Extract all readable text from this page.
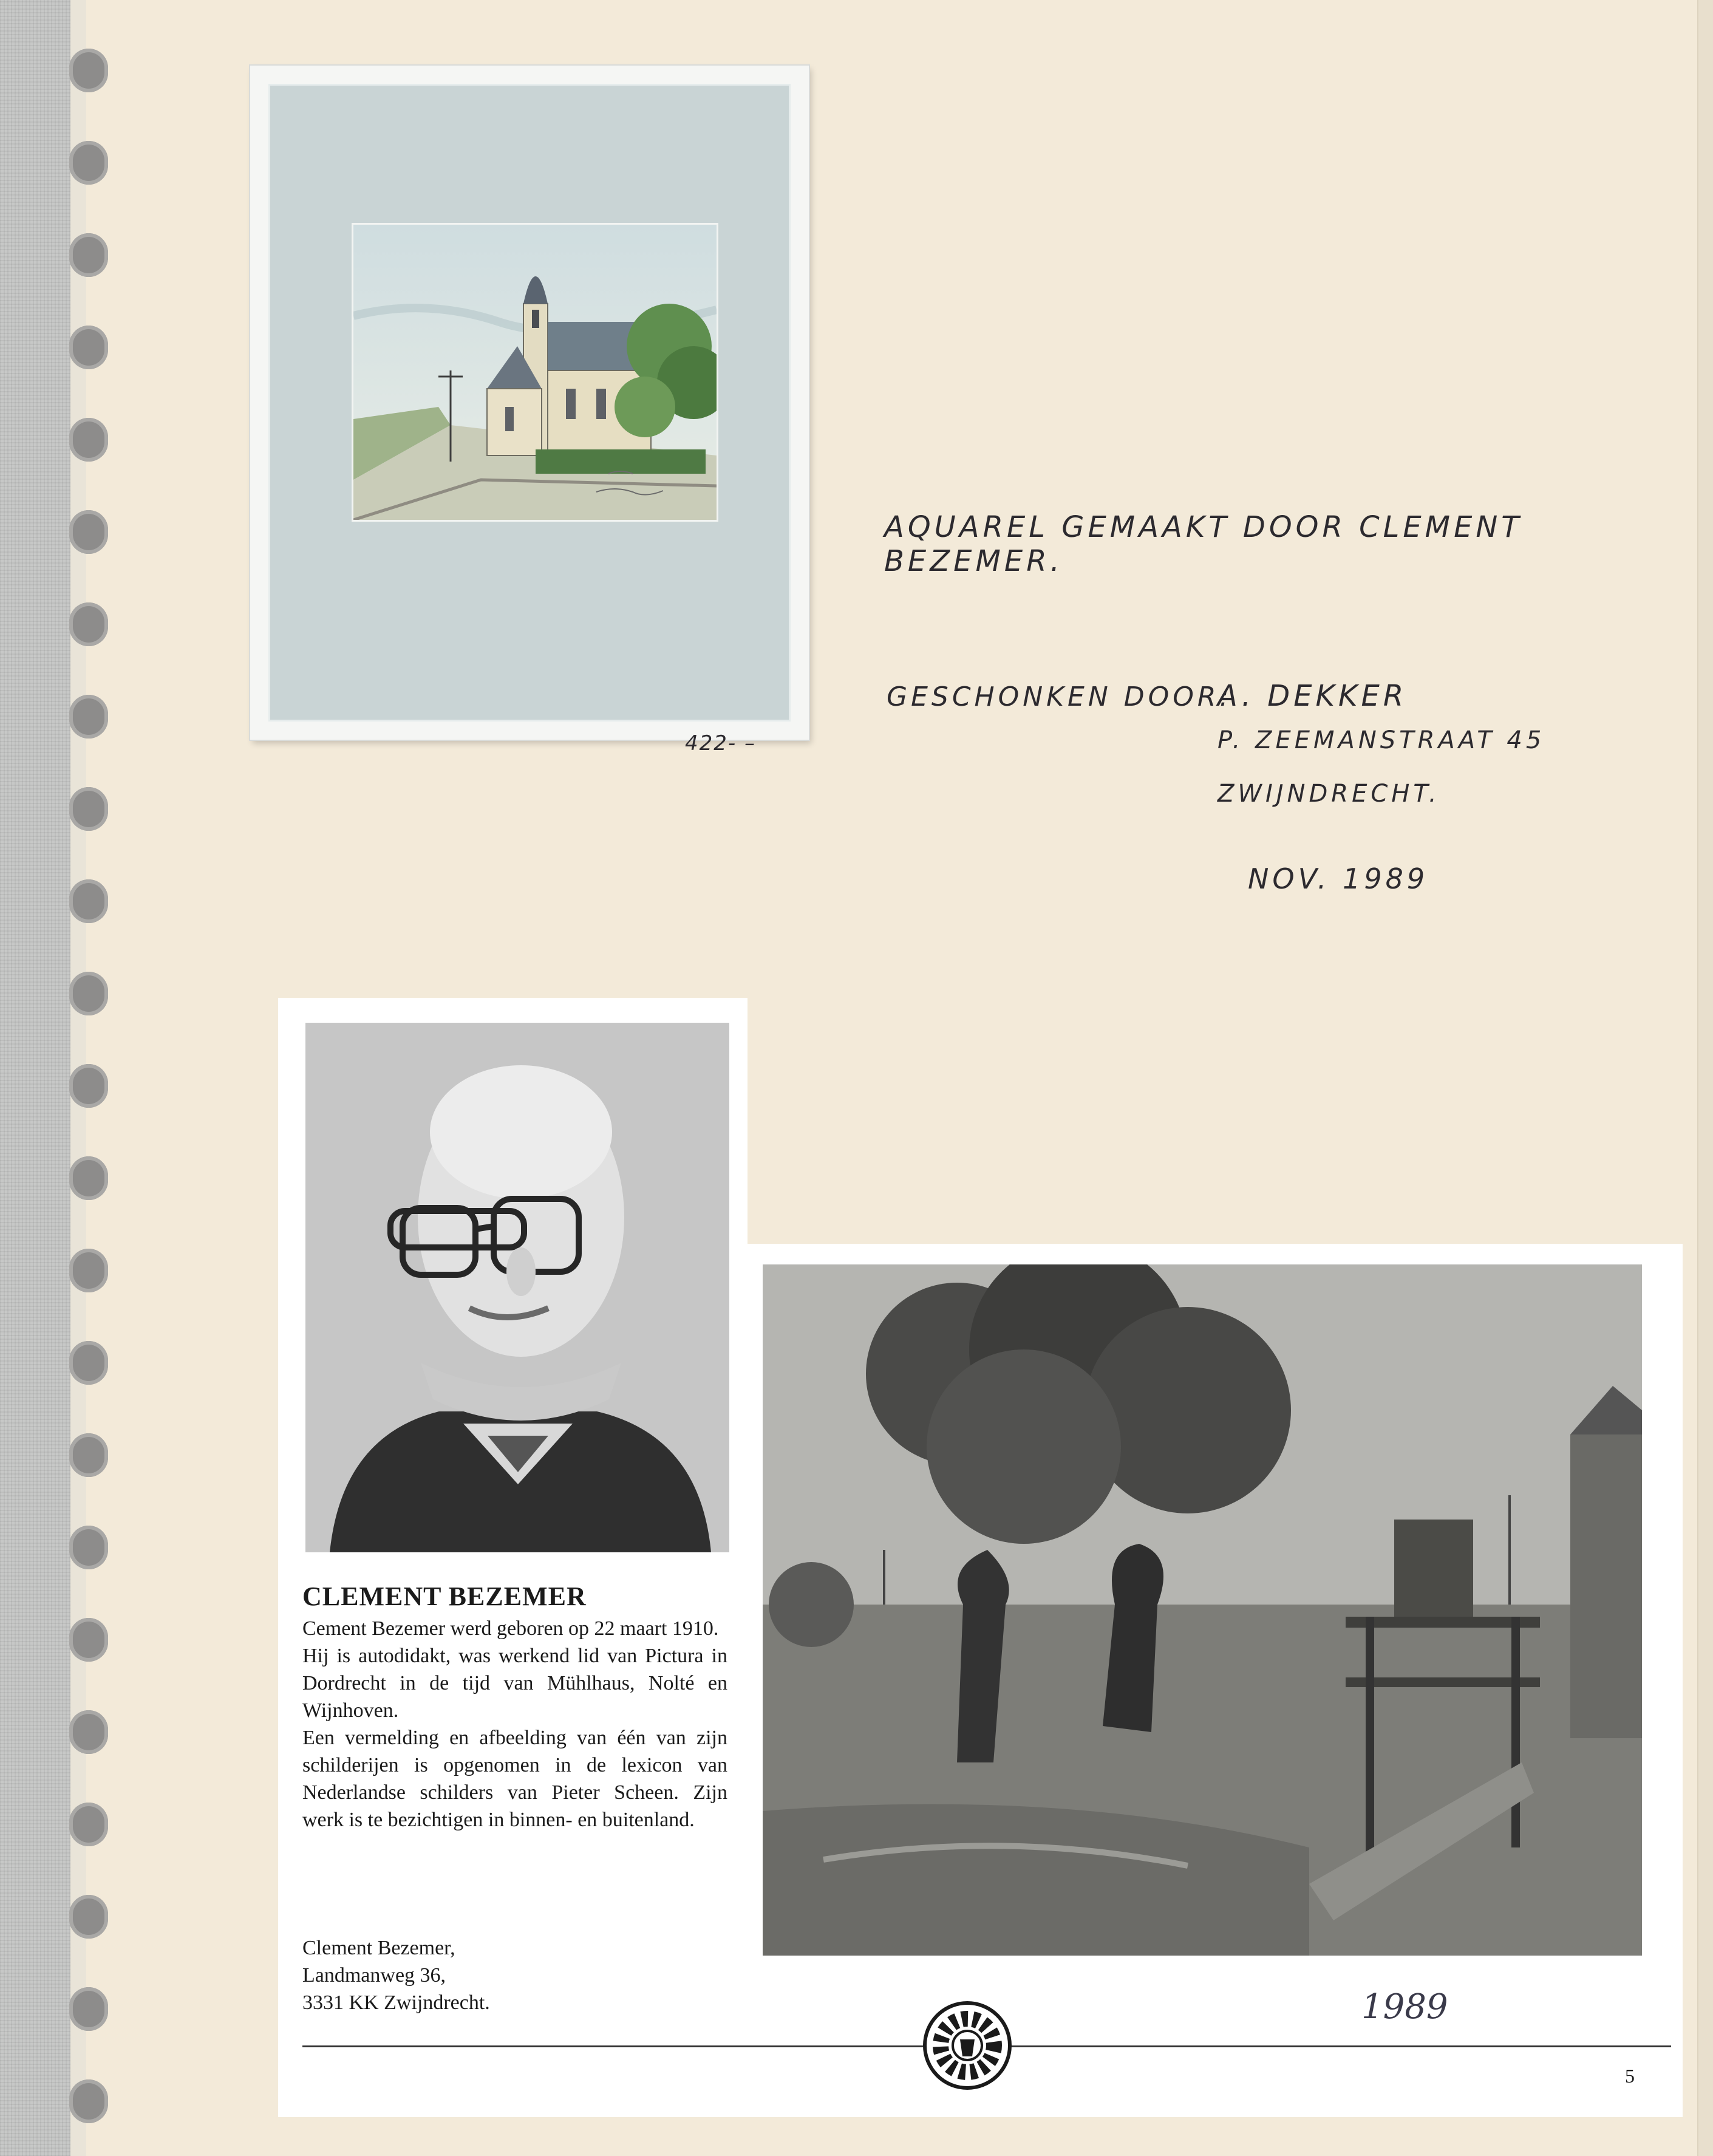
AQUAREL GEMAAKT DOOR CLEMENT BEZEMER.
GESCHONKEN DOOR:
A. DEKKER
P. ZEEMANSTRAAT 45
ZWIJNDRECHT.
NOV. 1989
422- –
CLEMENT BEZEMER

Cement Bezemer werd geboren op 22 maart 1910.

Hij is autodidakt, was werkend lid van Pictura in Dordrecht in de tijd van Mühlhaus, Nolté en Wijnhoven.

Een vermelding en afbeelding van één van zijn schilderijen is opgenomen in de lexicon van Nederlandse schilders van Pieter Scheen. Zijn werk is te bezichtigen in binnen- en buitenland.

Clement Bezemer,
Landmanweg 36,
3331 KK Zwijndrecht.	1989
5
